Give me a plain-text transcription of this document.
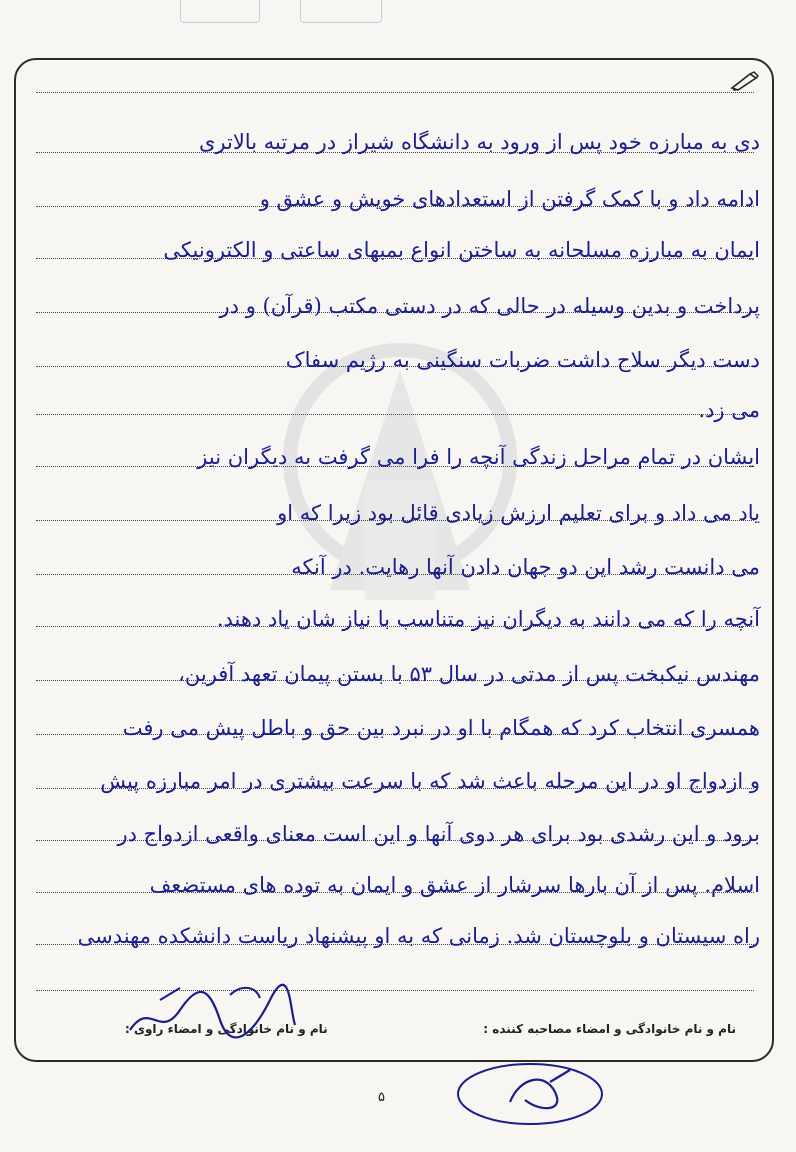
دی به مبارزه خود پس از ورود به دانشگاه شیراز در مرتبه بالاتری
ادامه داد و با کمک گرفتن از استعدادهای خویش و عشق و
ایمان به مبارزه مسلحانه به ساختن انواع بمبهای ساعتی و الکترونیکی
پرداخت و بدین وسیله در حالی که در دستی مکتب (قرآن) و در
دست دیگر سلاح داشت ضربات سنگینی به رژیم سفاک
می زد.
ایشان در تمام مراحل زندگی آنچه را فرا می گرفت به دیگران نیز
یاد می داد و برای تعلیم ارزش زیادی قائل بود زیرا که او
می دانست رشد این دو جهان دادن آنها رهایت. در آنکه
آنچه را که می دانند به دیگران نیز متناسب با نیاز شان یاد دهند.
مهندس نیکبخت پس از مدتی در سال ۵۳ با بستن پیمان تعهد آفرین،
همسری انتخاب کرد که همگام با او در نبرد بین حق و باطل پیش می رفت
و ازدواج او در این مرحله باعث شد که با سرعت بیشتری در امر مبارزه پیش
برود و این رشدی بود برای هر دوی آنها و این است معنای واقعی ازدواج در
اسلام. پس از آن بارها سرشار از عشق و ایمان به توده های مستضعف
راه سیستان و بلوچستان شد. زمانی که به او پیشنهاد ریاست دانشکده مهندسی
نام و نام خانوادگی و امضاء مصاحبه کننده :
نام و نام خانوادگی و امضاء راوی :
۵
